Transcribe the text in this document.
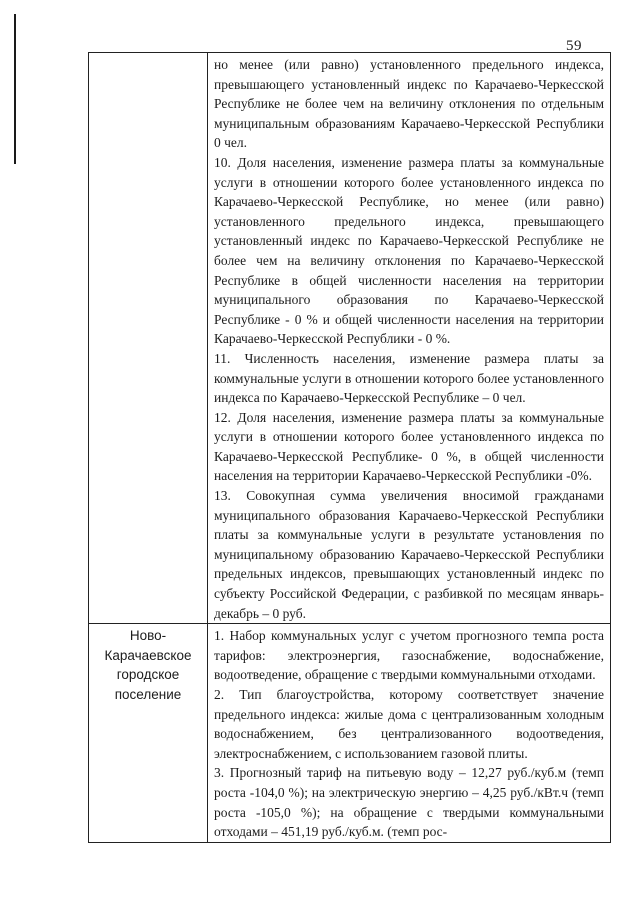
59

	но менее (или равно) установленного предельного индекса, превышающего установленный индекс по Карачаево-Черкесской Республике не более чем на величину отклонения по отдельным муниципальным образованиям Карачаево-Черкесской Республики 0 чел.

10. Доля населения, изменение размера платы за коммунальные услуги в отношении которого более установленного индекса по Карачаево-Черкесской Республике, но менее (или равно) установленного предельного индекса, превышающего установленный индекс по Карачаево-Черкесской Республике не более чем на величину отклонения по Карачаево-Черкесской Республике в общей численности населения на территории муниципального образования по Карачаево-Черкесской Республике - 0 % и общей численности населения на территории Карачаево-Черкесской Республики - 0 %.

11. Численность населения, изменение размера платы за коммунальные услуги в отношении которого более установленного индекса по Карачаево-Черкесской Республике – 0 чел.

12. Доля населения, изменение размера платы за коммунальные услуги в отношении которого более установленного индекса по Карачаево-Черкесской Республике- 0 %, в общей численности населения на территории Карачаево-Черкесской Республики -0%.

13. Совокупная сумма увеличения вносимой гражданами муниципального образования Карачаево-Черкесской Республики платы за коммунальные услуги в результате установления по муниципальному образованию Карачаево-Черкесской Республики предельных индексов, превышающих установленный индекс по субъекту Российской Федерации, с разбивкой по месяцам январь-декабрь – 0 руб.

Ново-Карачаевское городское поселение	1. Набор коммунальных услуг с учетом прогнозного темпа роста тарифов: электроэнергия, газоснабжение, водоснабжение, водоотведение, обращение с твердыми коммунальными отходами.

2. Тип благоустройства, которому соответствует значение предельного индекса: жилые дома с централизованным холодным водоснабжением, без централизованного водоотведения, электроснабжением, с использованием газовой плиты.

3. Прогнозный тариф на питьевую воду – 12,27 руб./куб.м (темп роста -104,0 %); на электрическую энергию – 4,25 руб./кВт.ч (темп роста -105,0 %); на обращение с твердыми коммунальными отходами – 451,19 руб./куб.м. (темп рос-
